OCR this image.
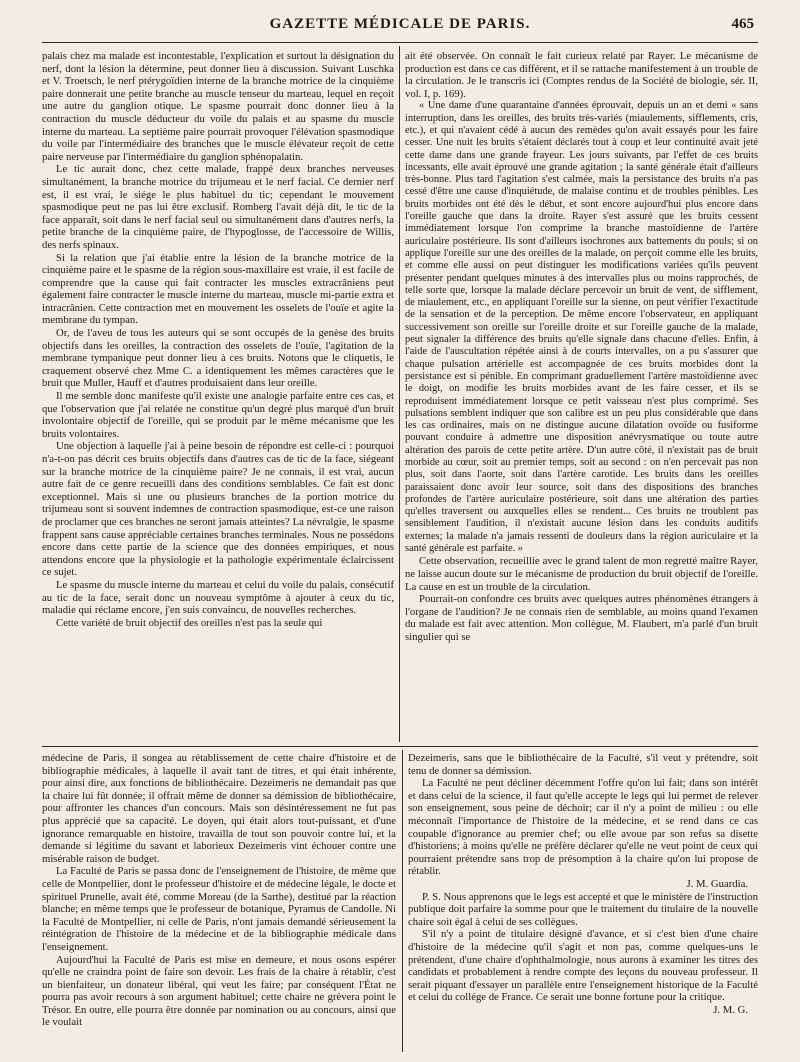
GAZETTE MÉDICALE DE PARIS.	465

palais chez ma malade est incontestable, l'explication et surtout la désignation du nerf, dont la lésion la détermine, peut donner lieu à discussion. Suivant Luschka et V. Troetsch, le nerf ptérygoïdien interne de la branche motrice de la cinquième paire donnerait une petite branche au muscle tenseur du marteau, lequel en reçoit une autre du ganglion otique. Le spasme pourrait donc donner lieu à la contraction du muscle déducteur du voile du palais et au spasme du muscle interne du marteau. La septième paire pourrait provoquer l'élévation spasmodique du voile par l'intermédiaire des branches que le muscle élévateur reçoit de cette paire nerveuse par l'intermédiaire du ganglion sphénopalatin.

Le tic aurait donc, chez cette malade, frappé deux branches nerveuses simultanément, la branche motrice du trijumeau et le nerf facial. Ce dernier nerf est, il est vrai, le siége le plus habituel du tic; cependant le mouvement spasmodique peut ne pas lui être exclusif. Romberg l'avait déjà dit, le tic de la face apparaît, soit dans le nerf facial seul ou simultanément dans d'autres nerfs, la petite branche de la cinquième paire, de l'hypoglosse, de l'accessoire de Willis, des nerfs spinaux.

Si la relation que j'ai établie entre la lésion de la branche motrice de la cinquième paire et le spasme de la région sous-maxillaire est vraie, il est facile de comprendre que la cause qui fait contracter les muscles extracrâniens peut également faire contracter le muscle interne du marteau, muscle mi-partie extra et intracrânien. Cette contraction met en mouvement les osselets de l'ouïe et agite la membrane du tympan.

Or, de l'aveu de tous les auteurs qui se sont occupés de la genèse des bruits objectifs dans les oreilles, la contraction des osselets de l'ouïe, l'agitation de la membrane tympanique peut donner lieu à ces bruits. Notons que le cliquetis, le craquement observé chez Mme C. a identiquement les mêmes caractères que le bruit que Muller, Hauff et d'autres produisaient dans leur oreille.

Il me semble donc manifeste qu'il existe une analogie parfaite entre ces cas, et que l'observation que j'ai relatée ne constitue qu'un degré plus marqué d'un bruit involontaire objectif de l'oreille, qui se produit par le même mécanisme que les bruits volontaires.

Une objection à laquelle j'ai à peine besoin de répondre est celle-ci : pourquoi n'a-t-on pas décrit ces bruits objectifs dans d'autres cas de tic de la face, siégeant sur la branche motrice de la cinquième paire? Je ne connais, il est vrai, aucun autre fait de ce genre recueilli dans des conditions semblables. Ce fait est donc exceptionnel. Mais si une ou plusieurs branches de la portion motrice du trijumeau sont si souvent indemnes de contraction spasmodique, est-ce une raison de proclamer que ces branches ne seront jamais atteintes? La névralgie, le spasme frappent sans cause appréciable certaines branches terminales. Nous ne possédons encore dans cette partie de la science que des données empiriques, et nous attendons encore que la physiologie et la pathologie expérimentale éclaircissent ce sujet.

Le spasme du muscle interne du marteau et celui du voile du palais, consécutif au tic de la face, serait donc un nouveau symptôme à ajouter à ceux du tic, maladie qui réclame encore, j'en suis convaincu, de nouvelles recherches.

Cette variété de bruit objectif des oreilles n'est pas la seule qui

ait été observée. On connaît le fait curieux relaté par Rayer. Le mécanisme de production est dans ce cas différent, et il se rattache manifestement à un trouble de la circulation. Je le transcris ici (Comptes rendus de la Société de biologie, sér. II, vol. I, p. 169).

« Une dame d'une quarantaine d'années éprouvait, depuis un an et demi « sans interruption, dans les oreilles, des bruits très-variés (miaulements, sifflements, cris, etc.), et qui n'avaient cédé à aucun des remèdes qu'on avait essayés pour les faire cesser. Une nuit les bruits s'étaient déclarés tout à coup et leur continuité avait jeté cette dame dans une grande frayeur. Les jours suivants, par l'effet de ces bruits incessants, elle avait éprouvé une grande agitation ; la santé générale était d'ailleurs très-bonne. Plus tard l'agitation s'est calmée, mais la persistance des bruits n'a pas cessé d'être une cause d'inquiétude, de malaise continu et de troubles pénibles. Les bruits morbides ont été dès le début, et sont encore aujourd'hui plus encore dans l'oreille gauche que dans la droite. Rayer s'est assuré que les bruits cessent immédiatement lorsque l'on comprime la branche mastoïdienne de l'artère auriculaire postérieure. Ils sont d'ailleurs isochrones aux battements du pouls; si on applique l'oreille sur une des oreilles de la malade, on perçoit comme elle les bruits, et comme elle aussi on peut distinguer les modifications variées qu'ils peuvent présenter pendant quelques minutes à des intervalles plus ou moins rapprochés, de telle sorte que, lorsque la malade déclare percevoir un bruit de vent, de sifflement, de miaulement, etc., en appliquant l'oreille sur la sienne, on peut vérifier l'exactitude de la sensation et de la perception. De même encore l'observateur, en appliquant successivement son oreille sur l'oreille droite et sur l'oreille gauche de la malade, peut signaler la différence des bruits qu'elle signale dans chacune d'elles. Enfin, à l'aide de l'auscultation répétée ainsi à de courts intervalles, on a pu s'assurer que chaque pulsation artérielle est accompagnée de ces bruits morbides dont la persistance est si pénible. En comprimant graduellement l'artère mastoïdienne avec le doigt, on modifie les bruits morbides avant de les faire cesser, et ils se reproduisent immédiatement lorsque ce petit vaisseau n'est plus comprimé. Ses pulsations semblent indiquer que son calibre est un peu plus considérable que dans les cas ordinaires, mais on ne distingue aucune dilatation ovoïde ou fusiforme pouvant conduire à admettre une disposition anévrysmatique ou toute autre altération des parois de cette petite artère. D'un autre côté, il n'existait pas de bruit morbide au cœur, soit au premier temps, soit au second : on n'en percevait pas non plus, soit dans l'aorte, soit dans l'artère carotide. Les bruits dans les oreilles paraissaient donc avoir leur source, soit dans des dispositions des branches profondes de l'artère auriculaire postérieure, soit dans une altération des parties qu'elles traversent ou auxquelles elles se rendent... Ces bruits ne troublent pas sensiblement l'audition, il n'existait aucune lésion dans les conduits auditifs externes; la malade n'a jamais ressenti de douleurs dans la région auriculaire et la santé générale est parfaite. »

Cette observation, recueillie avec le grand talent de mon regretté maître Rayer, ne laisse aucun doute sur le mécanisme de production du bruit objectif de l'oreille. La cause en est un trouble de la circulation.

Pourrait-on confondre ces bruits avec quelques autres phénomènes étrangers à l'organe de l'audition? Je ne connais rien de semblable, au moins quand l'examen du malade est fait avec attention. Mon collègue, M. Flaubert, m'a parlé d'un bruit singulier qui se

médecine de Paris, il songea au rétablissement de cette chaire d'histoire et de bibliographie médicales, à laquelle il avait tant de titres, et qui était inhérente, pour ainsi dire, aux fonctions de bibliothécaire. Dezeimeris ne demandait pas que la chaire lui fût donnée; il offrait même de donner sa démission de bibliothécaire, pour affronter les chances d'un concours. Mais son désintéressement ne fut pas plus apprécié que sa capacité. Le doyen, qui était alors tout-puissant, et d'une ignorance remarquable en histoire, travailla de tout son pouvoir contre lui, et la demande si légitime du savant et laborieux Dezeimeris vint échouer contre une misérable raison de budget.

La Faculté de Paris se passa donc de l'enseignement de l'histoire, de même que celle de Montpellier, dont le professeur d'histoire et de médecine légale, le docte et spirituel Prunelle, avait été, comme Moreau (de la Sarthe), destitué par la réaction blanche; en même temps que le professeur de botanique, Pyramus de Candolle. Ni la Faculté de Montpellier, ni celle de Paris, n'ont jamais demandé sérieusement la réintégration de l'histoire de la médecine et de la bibliographie médicale dans l'enseignement.

Aujourd'hui la Faculté de Paris est mise en demeure, et nous osons espérer qu'elle ne craindra point de faire son devoir. Les frais de la chaire à rétablir, c'est un bienfaiteur, un donateur libéral, qui veut les faire; par conséquent l'État ne pourra pas avoir recours à son argument habituel; cette chaire ne grèvera point le Trésor. En outre, elle pourra être donnée par nomination ou au concours, ainsi que le voulait

Dezeimeris, sans que le bibliothécaire de la Faculté, s'il veut y prétendre, soit tenu de donner sa démission.

La Faculté ne peut décliner décemment l'offre qu'on lui fait; dans son intérêt et dans celui de la science, il faut qu'elle accepte le legs qui lui permet de relever son enseignement, sous peine de déchoir; car il n'y a point de milieu : ou elle méconnaît l'importance de l'histoire de la médecine, et se rend dans ce cas coupable d'ignorance au premier chef; ou elle avoue par son refus sa disette d'historiens; à moins qu'elle ne préfère déclarer qu'elle ne veut point de ceux qui pourraient prétendre sans trop de présomption à la chaire qu'on lui propose de rétablir.

J. M. Guardia.

P. S. Nous apprenons que le legs est accepté et que le ministère de l'instruction publique doit parfaire la somme pour que le traitement du titulaire de la nouvelle chaire soit égal à celui de ses collègues.

S'il n'y a point de titulaire désigné d'avance, et si c'est bien d'une chaire d'histoire de la médecine qu'il s'agit et non pas, comme quelques-uns le prétendent, d'une chaire d'ophthalmologie, nous aurons à examiner les titres des candidats et probablement à rendre compte des leçons du nouveau professeur. Il serait piquant d'essayer un parallèle entre l'enseignement historique de la Faculté et celui du collége de France. Ce serait une bonne fortune pour la critique.

J. M. G.
